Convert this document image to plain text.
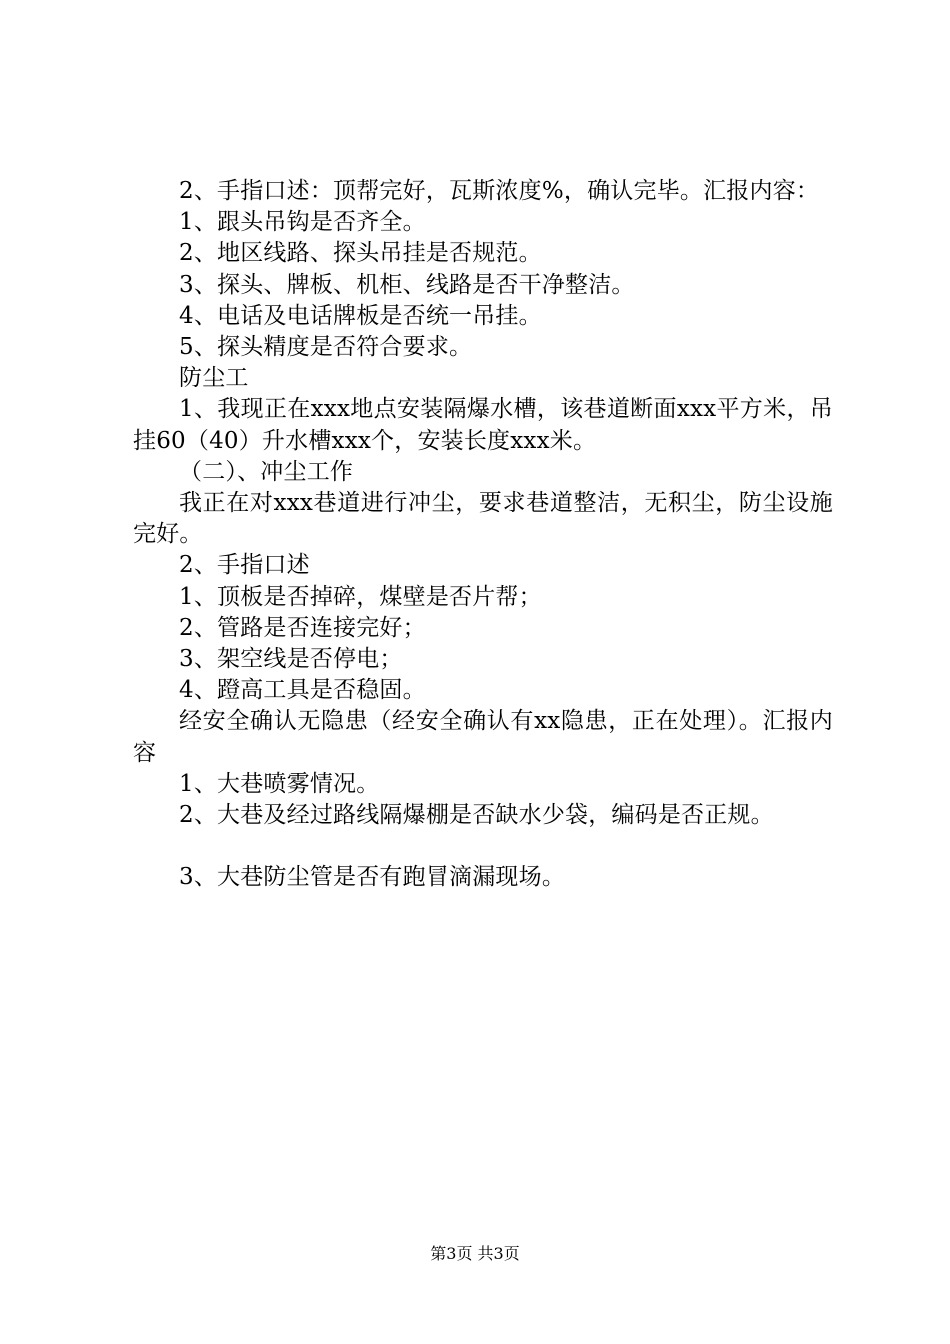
2、手指口述：顶帮完好，瓦斯浓度%，确认完毕。汇报内容：

1、跟头吊钩是否齐全。

2、地区线路、探头吊挂是否规范。

3、探头、牌板、机柜、线路是否干净整洁。

4、电话及电话牌板是否统一吊挂。

5、探头精度是否符合要求。

防尘工

1、我现正在xxx地点安装隔爆水槽，该巷道断面xxx平方米，吊挂60（40）升水槽xxx个，安装长度xxx米。

（二）、冲尘工作

我正在对xxx巷道进行冲尘，要求巷道整洁，无积尘，防尘设施完好。

2、手指口述

1、顶板是否掉碎，煤壁是否片帮；

2、管路是否连接完好；

3、架空线是否停电；

4、蹬高工具是否稳固。

经安全确认无隐患（经安全确认有xx隐患，正在处理）。汇报内容

1、大巷喷雾情况。

2、大巷及经过路线隔爆棚是否缺水少袋，编码是否正规。

3、大巷防尘管是否有跑冒滴漏现场。

第3页 共3页
